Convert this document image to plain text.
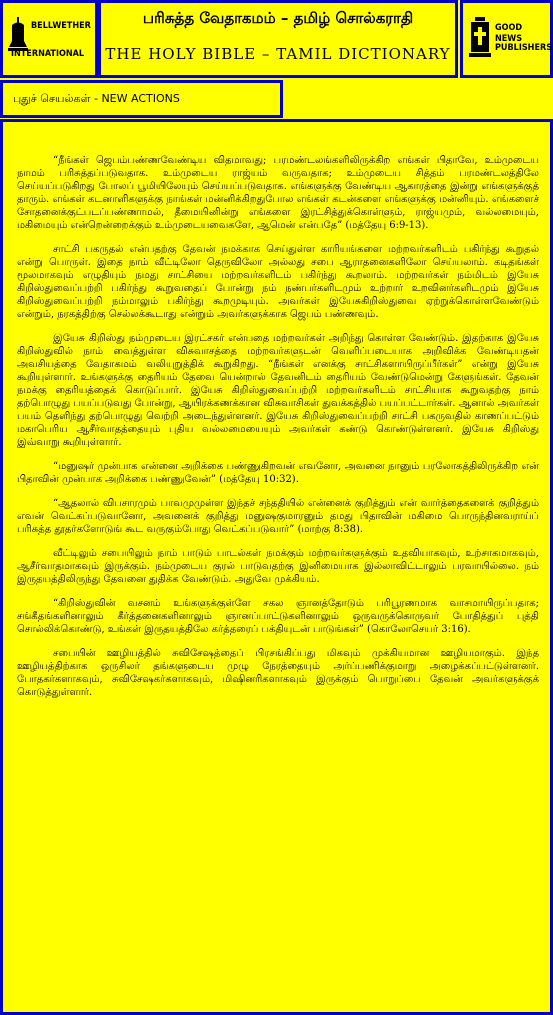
BELLWETHER
INTERNATIONAL
பரிசுத்த வேதாகமம் – தமிழ் சொல்கராதி
THE HOLY BIBLE – TAMIL DICTIONARY
GOOD NEWS
PUBLISHERS
புதுச் செயல்கள் - NEW ACTIONS

“நீங்கள் ஜெபம்பண்ணவேண்டிய விதமாவது; பரமண்டலங்களிலிருக்கிற எங்கள் பிதாவே, உம்முடைய நாமம் பரிசுத்தப்படுவதாக. உம்முடைய ராஜ்யம் வருவதாக; உம்முடைய சித்தம் பரமண்டலத்திலே செய்யப்படுகிறது போலப் பூமியிலேயும் செய்யப்படுவதாக. எங்களுக்கு வேண்டிய ஆகாரத்தை இன்று எங்களுக்குத் தாரும். எங்கள் கடனாளிகளுக்கு நாங்கள் மன்னிக்கிறதுபோல எங்கள் கடன்களை எங்களுக்கு மன்னியும். எங்களைச் சோதனைக்குட்படப்பண்ணாமல், தீமையினின்று எங்களை இரட்சித்துக்கொள்ளும், ராஜ்யமும், வல்லமையும், மகிமையும் என்றென்றைக்கும் உம்முடையவைகளே, ஆமென் என்பதே” (மத்தேயு 6:9-13).

சாட்சி பகருதல் என்பதற்கு தேவன் நமக்காக செய்துள்ள காரியங்களை மற்றவர்களிடம் பகிர்ந்து கூறுதல் என்று பொருள். இதை நாம் வீட்டிலோ தெருவிலோ அல்லது சபை ஆராதனைகளிலோ செய்யலாம். கடிதங்கள் மூலமாகவும் எழுதியும் நமது சாட்சியை மற்றவர்களிடம் பகிர்ந்து கூறலாம். மற்றவர்கள் நம்மிடம் இயேசு கிறிஸ்துவைப்பற்றி பகிர்ந்து கூறுவதைப் போன்று நம் நண்பர்களிடமும் உற்றார் உறவினர்களிடமும் இயேசு கிறிஸ்துவைப்பற்றி நம்மாலும் பகிர்ந்து கூறமுடியும். அவர்கள் இயேசுகிறிஸ்துவை ஏற்றுக்கொள்ளவேண்டும் என்றும், நரகத்திற்கு செல்லக்கூடாது என்றும் அவர்களுக்காக ஜெபம் பண்ணவும்.

இயேசு கிறிஸ்து நம்முடைய இரட்சகர் என்பதை மற்றவர்கள் அறிந்து கொள்ள வேண்டும். இதற்காக இயேசு கிறிஸ்துவில் நாம் வைத்துள்ள விசுவாசத்தை மற்றவர்களுடன் வெளிப்படையாக அறிவிக்க வேண்டியதன் அவசியத்தை வேதாகமம் வலியுறுத்திக் கூறுகிறது. “நீங்கள் எனக்கு சாட்சிகளாயிருப்பீர்கள்” என்று இயேசு கூறியுள்ளார். உங்களுக்கு தைரியம் தேவை யென்றால் தேவனிடம் தைரியம் வேண்டுமென்று கேளுங்கள். தேவன் நமக்கு தைரியத்தைக் கொடுப்பார். இயேசு கிறிஸ்துவைப்பற்றி மற்றவர்களிடம் சாட்சியாக கூறுவதற்கு நாம் தற்பொழுது பயப்படுவது போன்று, ஆயிரக்கணக்கான விசுவாசிகள் துவக்கத்தில் பயப்பட்டார்கள். ஆனால் அவர்கள் பயம் தெளிந்து தற்பொழுது வெற்றி அடைந்துள்ளனர். இயேசு கிறிஸ்துவைப்பற்றி சாட்சி பகருவதில் காணப்பட்டும் மகாபெரிய ஆசீர்வாதத்தையும் புதிய வல்லமையையும் அவர்கள் கண்டு கொண்டுள்ளனர். இயேசு கிறிஸ்து இவ்வாறு கூறியுள்ளார்.

“மனுஷர் முன்பாக என்னை அறிக்கை பண்ணுகிறவன் எவனோ, அவனை நானும் பரலோகத்திலிருக்கிற என் பிதாவின் முன்பாக அறிக்கை பண்ணுவேன்” (மத்தேயு 10:32).

“ஆதலால் விபசாரமும் பாவமுமுள்ள இந்தச் சந்ததியில் என்னைக் குறித்தும் என் வார்த்தைகளைக் குறித்தும் எவன் வெட்கப்படுவானோ, அவனைக் குறித்து மனுஷகுமாரனும் தமது பிதாவின் மகிமை பொருந்தினவராய்ப் பரிசுத்த தூதர்களோடுங் கூட வருகும்போது வெட்கப்படுவார்” (மாற்கு 8:38).

வீட்டிலும் சபையிலும் நாம் பாடும் பாடல்கள் நமக்கும் மற்றவர்களுக்கும் உதவியாகவும், உற்சாகமாகவும், ஆசீர்வாதமாகவும் இருக்கும். நம்முடைய குரல் பாடுவதற்கு இனிமையாக இல்லாவிட்டாலும் பரவாயில்லை. நம் இருதயத்திலிருந்து தேவனை துதிக்க வேண்டும். அதுவே முக்கியம்.

“கிறிஸ்துவின் வசனம் உங்களுக்குள்ளே சகல ஞானத்தோடும் பரிபூரணமாக வாசமாயிருப்பதாக; சங்கீதங்களினாலும் கீர்த்தனைகளினாலும் ஞானப்பாட்டுகளினாலும் ஒருவருக்கொருவர் போதித்துப் புத்தி சொல்லிக்கொண்டு, உங்கள் இருதயத்திலே கர்த்தரைப் பக்தியுடன் பாடுங்கள்” (கொலோசெயர் 3:16).

சபையின் ஊழியத்தில் சுவிசேஷத்தைப் பிரசங்கிப்பது மிகவும் முக்கியமான ஊழியமாகும். இந்த ஊழியத்திற்காக ஒருசிலர் தங்களுடைய முழு நேரத்தையும் அர்ப்பணிக்குமாறு அழைக்கப்பட்டுள்ளனர். போதகர்களாகவும், சுவிசேஷகர்களாகவும், மிஷினரிகளாகவும் இருக்கும் பொறுப்பை தேவன் அவர்களுக்குக் கொடுத்துள்ளார்.
